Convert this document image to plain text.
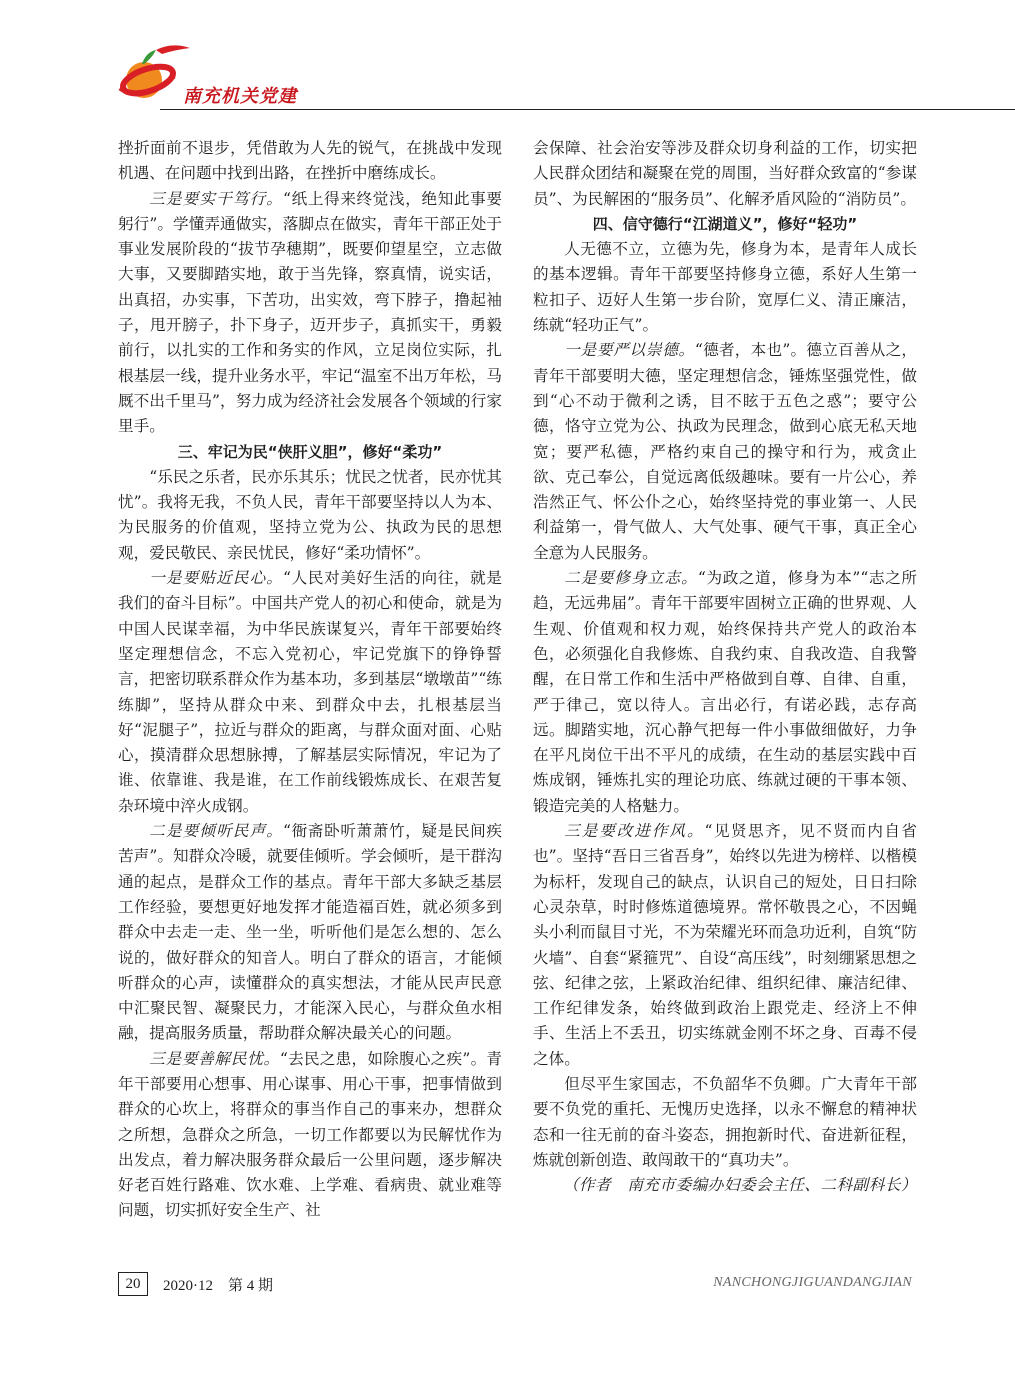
南充机关党建

挫折面前不退步，凭借敢为人先的锐气，在挑战中发现机遇、在问题中找到出路，在挫折中磨练成长。

三是要实干笃行。“纸上得来终觉浅，绝知此事要躬行”。学懂弄通做实，落脚点在做实，青年干部正处于事业发展阶段的“拔节孕穗期”，既要仰望星空，立志做大事，又要脚踏实地，敢于当先锋，察真情，说实话，出真招，办实事，下苦功，出实效，弯下脖子，撸起袖子，甩开膀子，扑下身子，迈开步子，真抓实干，勇毅前行，以扎实的工作和务实的作风，立足岗位实际，扎根基层一线，提升业务水平，牢记“温室不出万年松，马厩不出千里马”，努力成为经济社会发展各个领域的行家里手。

三、牢记为民“侠肝义胆”，修好“柔功”

“乐民之乐者，民亦乐其乐；忧民之忧者，民亦忧其忧”。我将无我，不负人民，青年干部要坚持以人为本、为民服务的价值观，坚持立党为公、执政为民的思想观，爱民敬民、亲民忧民，修好“柔功情怀”。

一是要贴近民心。“人民对美好生活的向往，就是我们的奋斗目标”。中国共产党人的初心和使命，就是为中国人民谋幸福，为中华民族谋复兴，青年干部要始终坚定理想信念，不忘入党初心，牢记党旗下的铮铮誓言，把密切联系群众作为基本功，多到基层“墩墩苗”“练练脚”，坚持从群众中来、到群众中去，扎根基层当好“泥腿子”，拉近与群众的距离，与群众面对面、心贴心，摸清群众思想脉搏，了解基层实际情况，牢记为了谁、依靠谁、我是谁，在工作前线锻炼成长、在艰苦复杂环境中淬火成钢。

二是要倾听民声。“衙斋卧听萧萧竹，疑是民间疾苦声”。知群众冷暖，就要佳倾听。学会倾听，是干群沟通的起点，是群众工作的基点。青年干部大多缺乏基层工作经验，要想更好地发挥才能造福百姓，就必须多到群众中去走一走、坐一坐，听听他们是怎么想的、怎么说的，做好群众的知音人。明白了群众的语言，才能倾听群众的心声，读懂群众的真实想法，才能从民声民意中汇聚民智、凝聚民力，才能深入民心，与群众鱼水相融，提高服务质量，帮助群众解决最关心的问题。

三是要善解民忧。“去民之患，如除腹心之疾”。青年干部要用心想事、用心谋事、用心干事，把事情做到群众的心坎上，将群众的事当作自己的事来办，想群众之所想，急群众之所急，一切工作都要以为民解忧作为出发点，着力解决服务群众最后一公里问题，逐步解决好老百姓行路难、饮水难、上学难、看病贵、就业难等问题，切实抓好安全生产、社

会保障、社会治安等涉及群众切身利益的工作，切实把人民群众团结和凝聚在党的周围，当好群众致富的“参谋员”、为民解困的“服务员”、化解矛盾风险的“消防员”。

四、信守德行“江湖道义”，修好“轻功”

人无德不立，立德为先，修身为本，是青年人成长的基本逻辑。青年干部要坚持修身立德，系好人生第一粒扣子、迈好人生第一步台阶，宽厚仁义、清正廉洁，练就“轻功正气”。

一是要严以崇德。“德者，本也”。德立百善从之，青年干部要明大德，坚定理想信念，锤炼坚强党性，做到“心不动于微利之诱，目不眩于五色之惑”；要守公德，恪守立党为公、执政为民理念，做到心底无私天地宽；要严私德，严格约束自己的操守和行为，戒贪止欲、克己奉公，自觉远离低级趣味。要有一片公心，养浩然正气、怀公仆之心，始终坚持党的事业第一、人民利益第一，骨气做人、大气处事、硬气干事，真正全心全意为人民服务。

二是要修身立志。“为政之道，修身为本”“志之所趋，无远弗届”。青年干部要牢固树立正确的世界观、人生观、价值观和权力观，始终保持共产党人的政治本色，必须强化自我修炼、自我约束、自我改造、自我警醒，在日常工作和生活中严格做到自尊、自律、自重，严于律己，宽以待人。言出必行，有诺必践，志存高远。脚踏实地，沉心静气把每一件小事做细做好，力争在平凡岗位干出不平凡的成绩，在生动的基层实践中百炼成钢，锤炼扎实的理论功底、练就过硬的干事本领、锻造完美的人格魅力。

三是要改进作风。“见贤思齐，见不贤而内自省也”。坚持“吾日三省吾身”，始终以先进为榜样、以楷模为标杆，发现自己的缺点，认识自己的短处，日日扫除心灵杂草，时时修炼道德境界。常怀敬畏之心，不因蝇头小利而鼠目寸光，不为荣耀光环而急功近利，自筑“防火墙”、自套“紧箍咒”、自设“高压线”，时刻绷紧思想之弦、纪律之弦，上紧政治纪律、组织纪律、廉洁纪律、工作纪律发条，始终做到政治上跟党走、经济上不伸手、生活上不丢丑，切实练就金刚不坏之身、百毒不侵之体。

但尽平生家国志，不负韶华不负卿。广大青年干部要不负党的重托、无愧历史选择，以永不懈怠的精神状态和一往无前的奋斗姿态，拥抱新时代、奋进新征程，炼就创新创造、敢闯敢干的“真功夫”。

（作者　南充市委编办妇委会主任、二科副科长）

20	2020·12　第 4 期	NANCHONGJIGUANDANGJIAN
